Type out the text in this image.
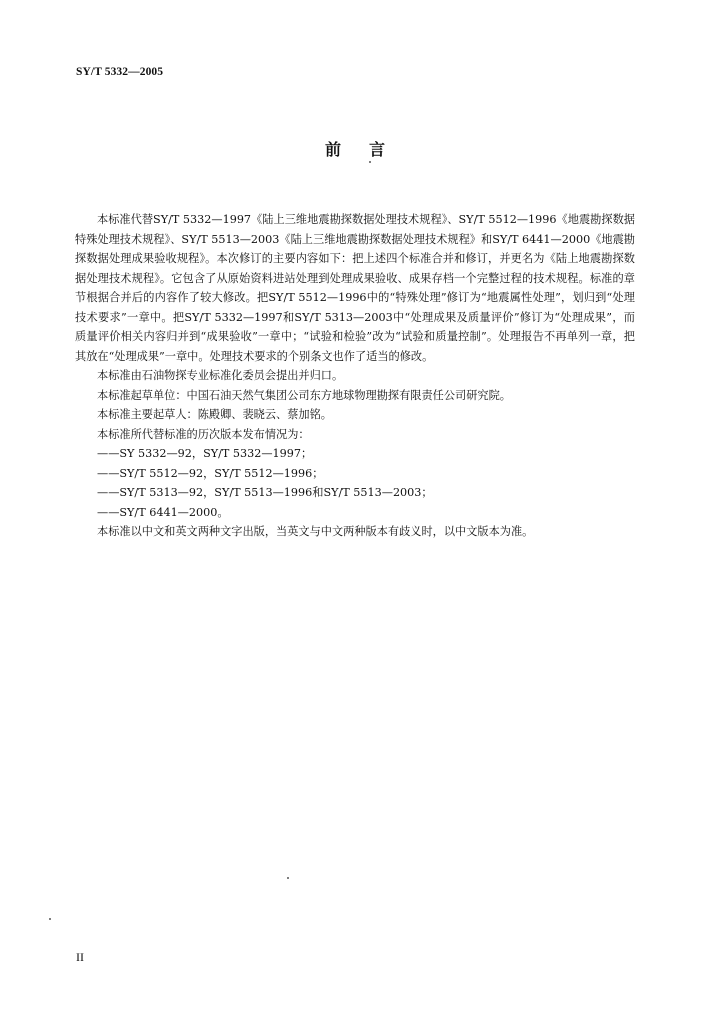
SY/T 5332—2005
前言

本标准代替SY/T 5332—1997《陆上三维地震勘探数据处理技术规程》、SY/T 5512—1996《地震勘探数据特殊处理技术规程》、SY/T 5513—2003《陆上三维地震勘探数据处理技术规程》和SY/T 6441—2000《地震勘探数据处理成果验收规程》。本次修订的主要内容如下：把上述四个标准合并和修订，并更名为《陆上地震勘探数据处理技术规程》。它包含了从原始资料进站处理到处理成果验收、成果存档一个完整过程的技术规程。标准的章节根据合并后的内容作了较大修改。把SY/T 5512—1996中的“特殊处理”修订为“地震属性处理”，划归到“处理技术要求”一章中。把SY/T 5332—1997和SY/T 5313—2003中“处理成果及质量评价”修订为“处理成果”，而质量评价相关内容归并到“成果验收”一章中；“试验和检验”改为“试验和质量控制”。处理报告不再单列一章，把其放在“处理成果”一章中。处理技术要求的个别条文也作了适当的修改。

本标准由石油物探专业标准化委员会提出并归口。

本标准起草单位：中国石油天然气集团公司东方地球物理勘探有限责任公司研究院。

本标准主要起草人：陈殿卿、裴晓云、蔡加铭。

本标准所代替标准的历次版本发布情况为：

——SY 5332—92，SY/T 5332—1997；

——SY/T 5512—92，SY/T 5512—1996；

——SY/T 5313—92，SY/T 5513—1996和SY/T 5513—2003；

——SY/T 6441—2000。

本标准以中文和英文两种文字出版，当英文与中文两种版本有歧义时，以中文版本为准。

II
